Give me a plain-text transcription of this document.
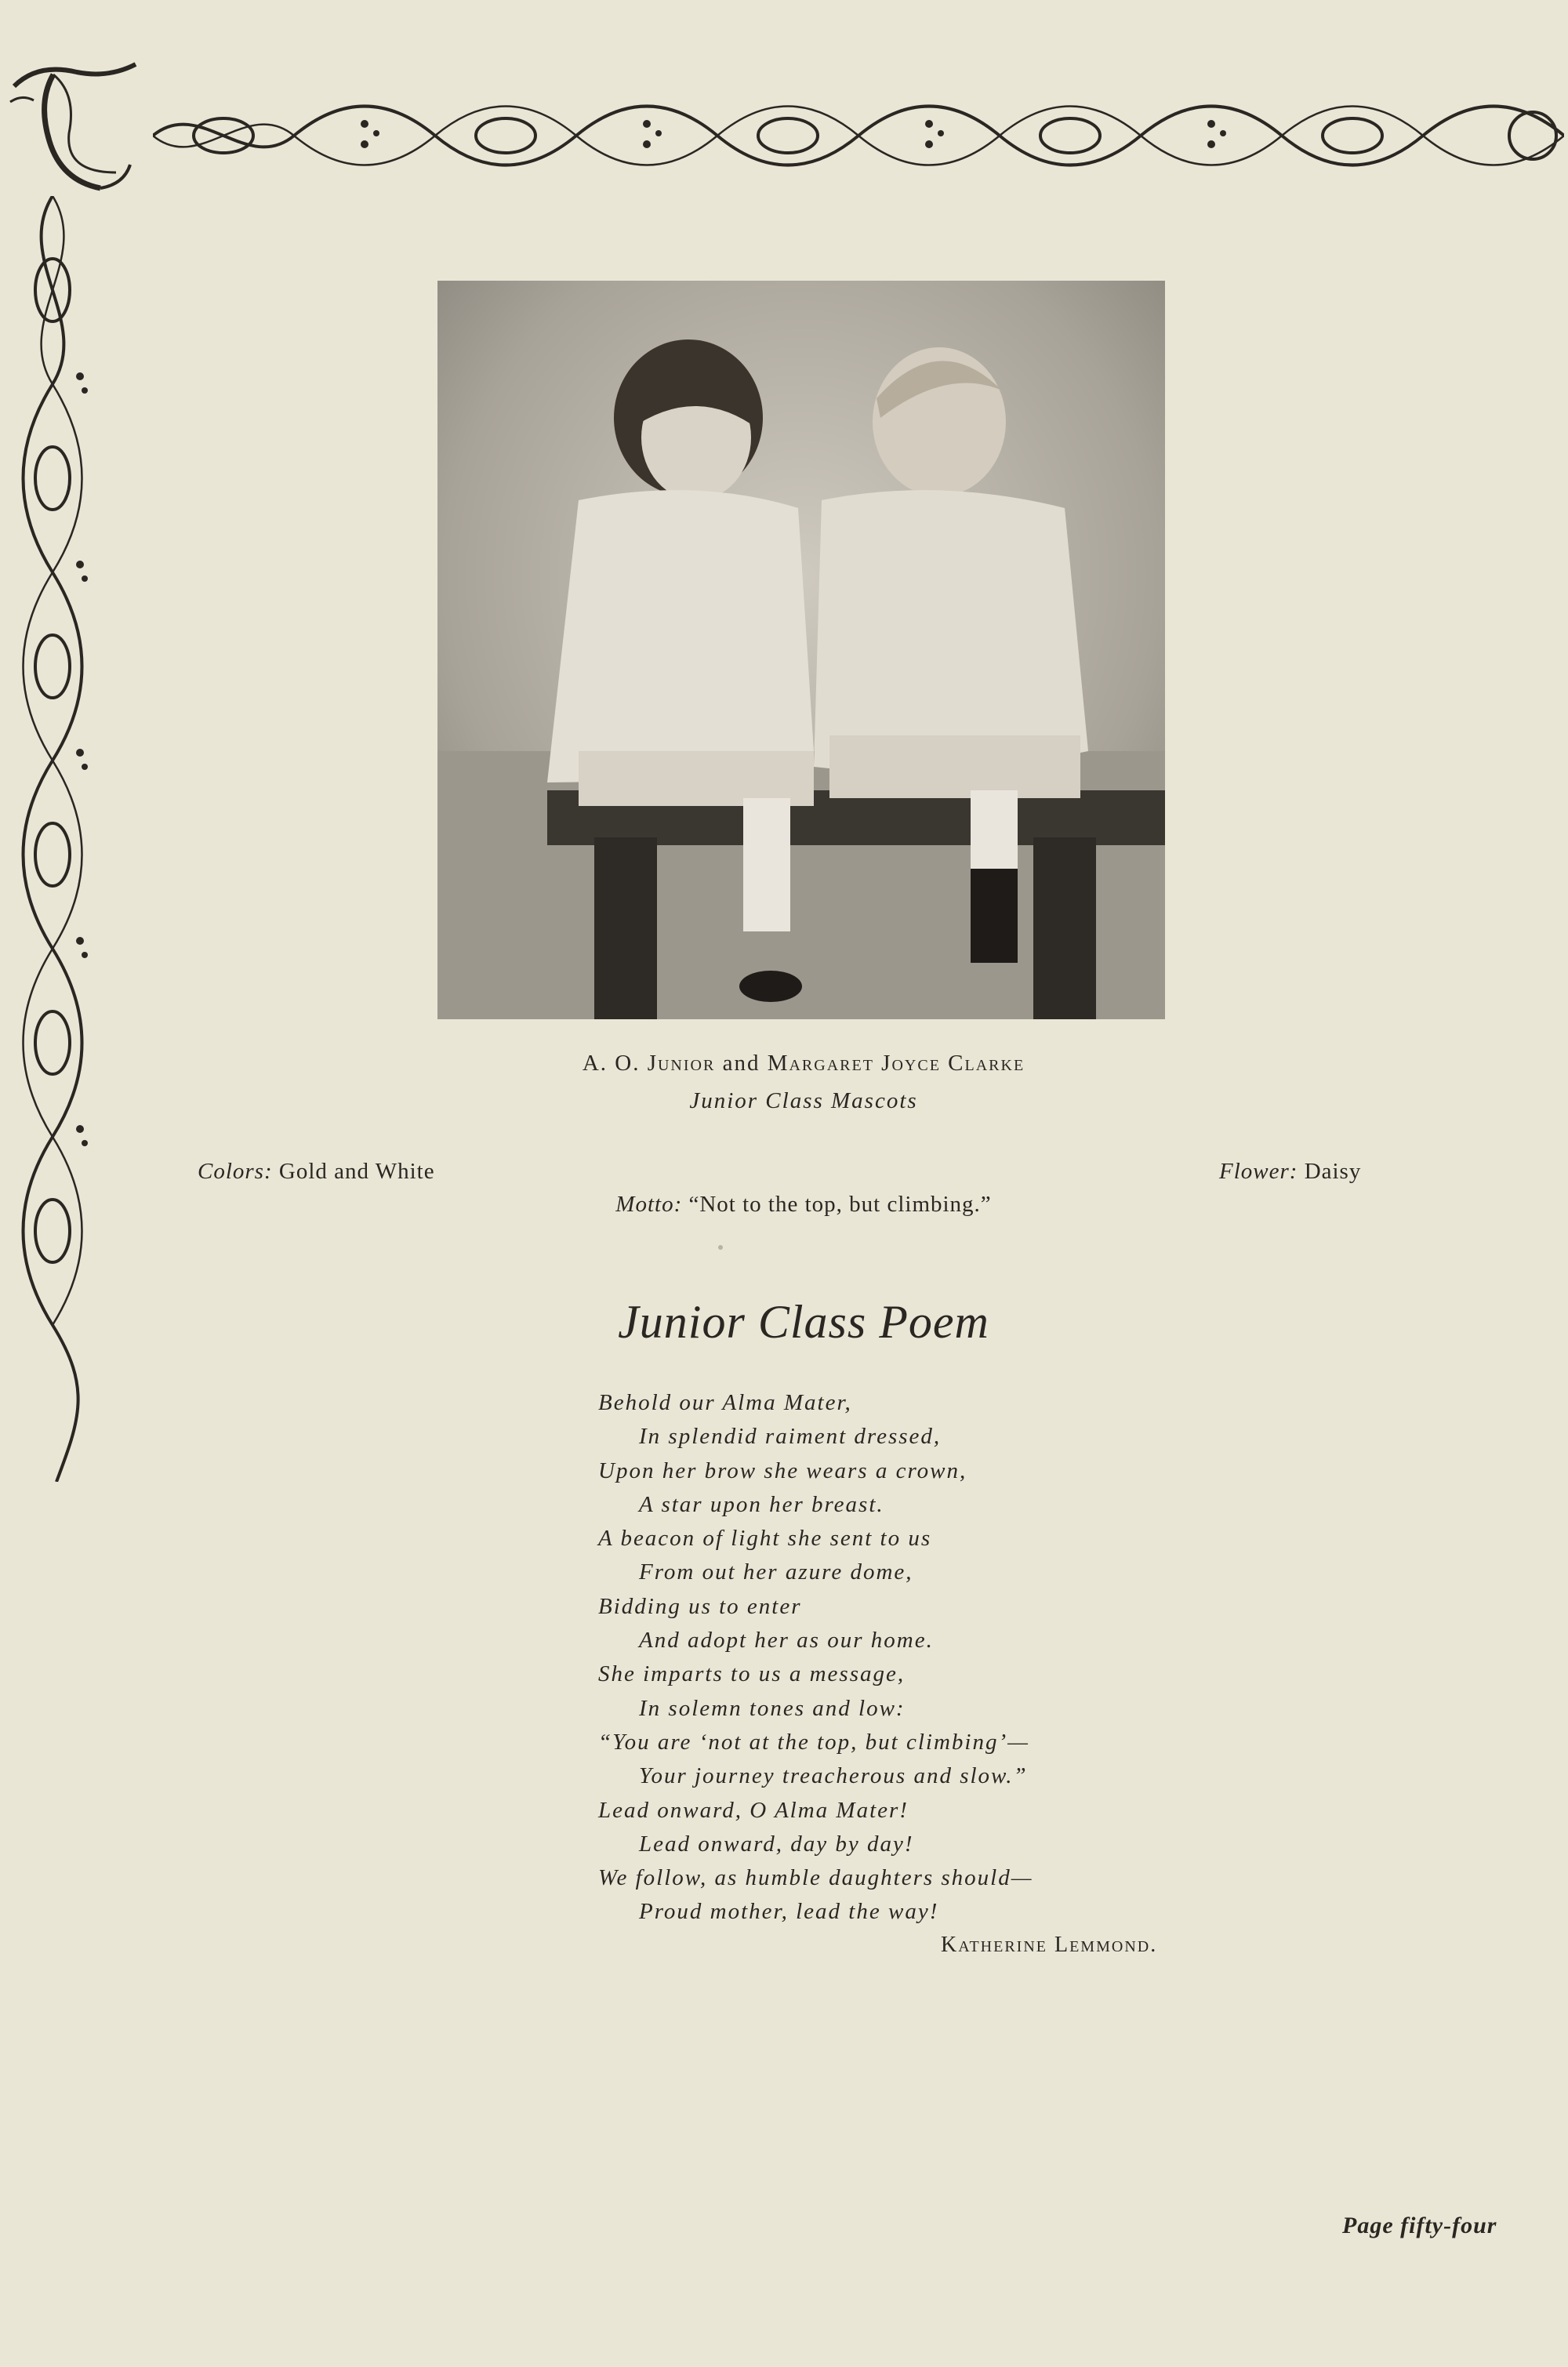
A. O. Junior and Margaret Joyce Clarke
Junior Class Mascots
Colors: Gold and White	Flower: Daisy
Motto: “Not to the top, but climbing.”
Junior Class Poem
Behold our Alma Mater,
In splendid raiment dressed,
Upon her brow she wears a crown,
A star upon her breast.
A beacon of light she sent to us
From out her azure dome,
Bidding us to enter
And adopt her as our home.
She imparts to us a message,
In solemn tones and low:
“You are ‘not at the top, but climbing’—
Your journey treacherous and slow.”
Lead onward, O Alma Mater!
Lead onward, day by day!
We follow, as humble daughters should—
Proud mother, lead the way!
Katherine Lemmond.
Page fifty-four
